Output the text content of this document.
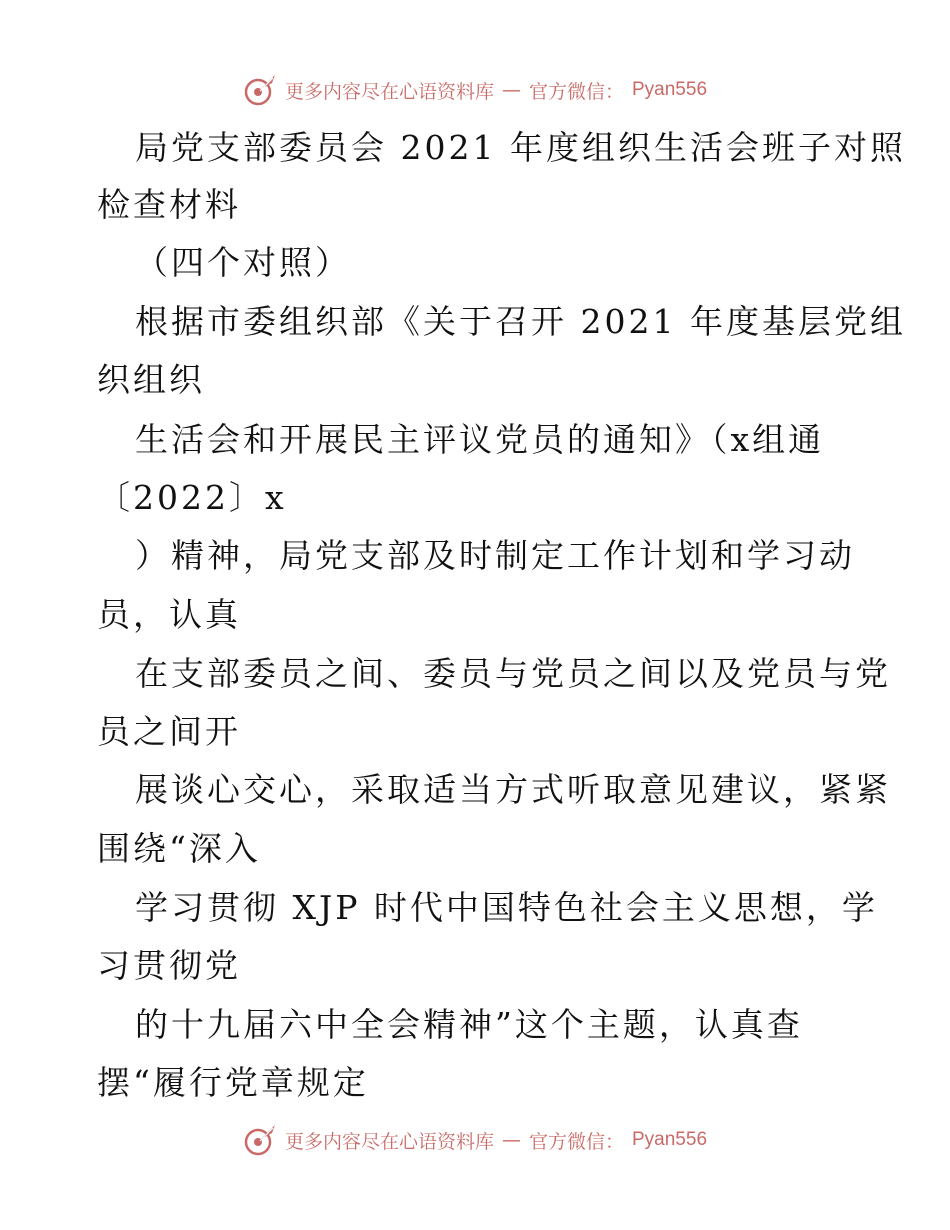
更多内容尽在心语资料库 — 官方微信： Pyan556
局党支部委员会 2021 年度组织生活会班子对照
检查材料
（四个对照）
根据市委组织部《关于召开 2021 年度基层党组
织组织
生活会和开展民主评议党员的通知》（x组通
〔2022〕x
）精神，局党支部及时制定工作计划和学习动
员，认真
在支部委员之间、委员与党员之间以及党员与党
员之间开
展谈心交心，采取适当方式听取意见建议，紧紧
围绕“深入
学习贯彻 XJP 时代中国特色社会主义思想，学
习贯彻党
的十九届六中全会精神”这个主题，认真查
摆“履行党章规定
更多内容尽在心语资料库 — 官方微信： Pyan556
